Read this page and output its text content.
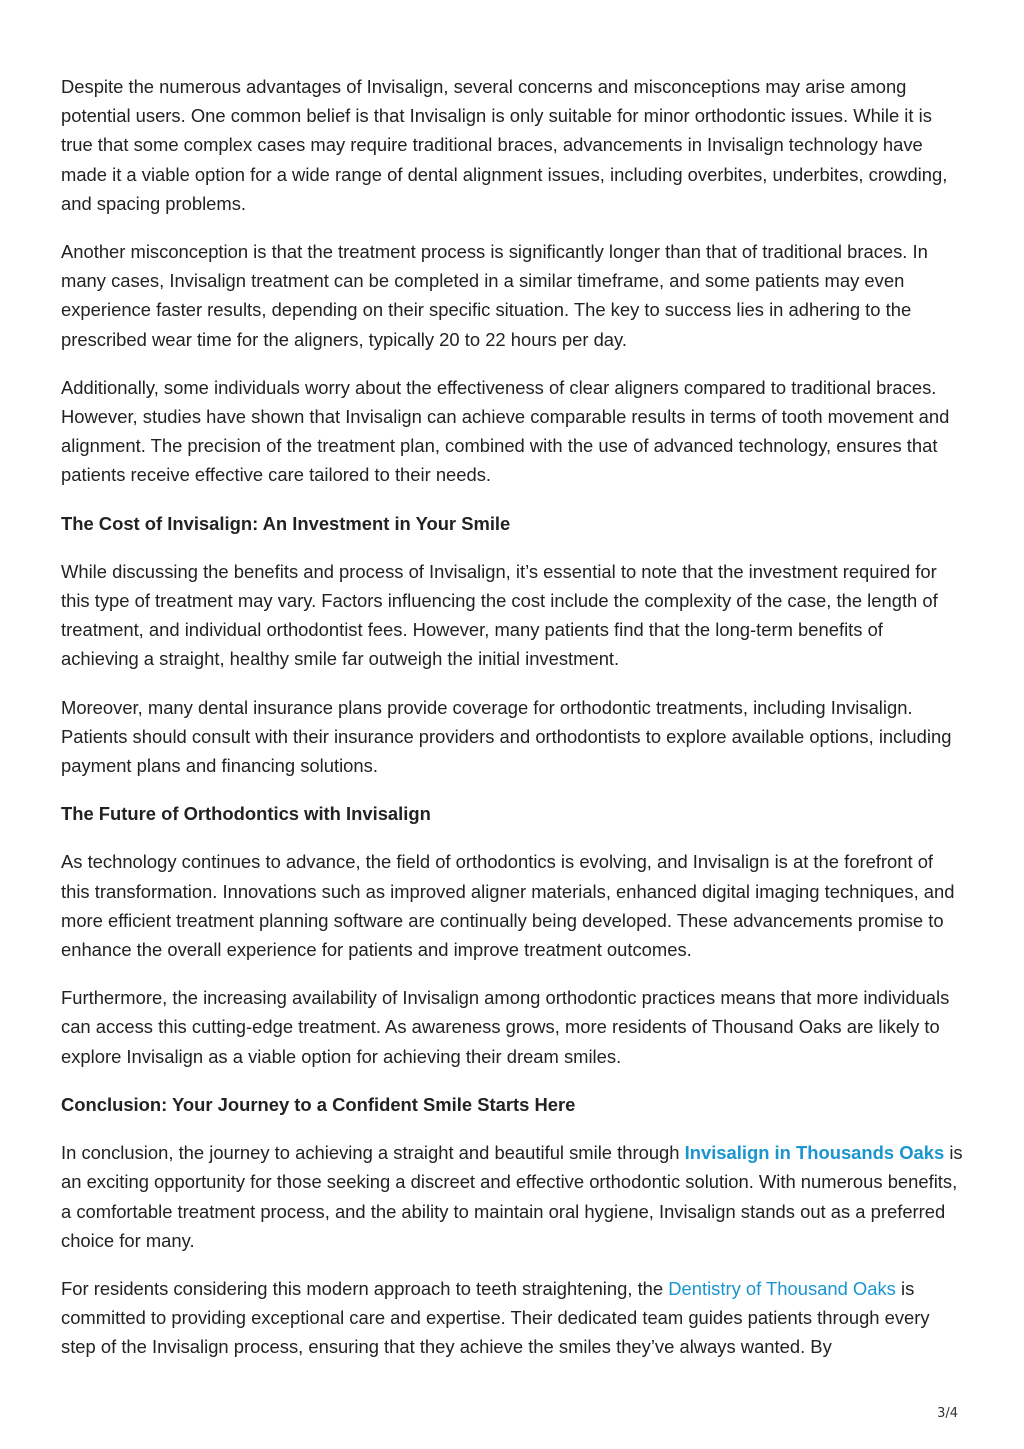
Despite the numerous advantages of Invisalign, several concerns and misconceptions may arise among potential users. One common belief is that Invisalign is only suitable for minor orthodontic issues. While it is true that some complex cases may require traditional braces, advancements in Invisalign technology have made it a viable option for a wide range of dental alignment issues, including overbites, underbites, crowding, and spacing problems.

Another misconception is that the treatment process is significantly longer than that of traditional braces. In many cases, Invisalign treatment can be completed in a similar timeframe, and some patients may even experience faster results, depending on their specific situation. The key to success lies in adhering to the prescribed wear time for the aligners, typically 20 to 22 hours per day.

Additionally, some individuals worry about the effectiveness of clear aligners compared to traditional braces. However, studies have shown that Invisalign can achieve comparable results in terms of tooth movement and alignment. The precision of the treatment plan, combined with the use of advanced technology, ensures that patients receive effective care tailored to their needs.

The Cost of Invisalign: An Investment in Your Smile

While discussing the benefits and process of Invisalign, it’s essential to note that the investment required for this type of treatment may vary. Factors influencing the cost include the complexity of the case, the length of treatment, and individual orthodontist fees. However, many patients find that the long-term benefits of achieving a straight, healthy smile far outweigh the initial investment.

Moreover, many dental insurance plans provide coverage for orthodontic treatments, including Invisalign. Patients should consult with their insurance providers and orthodontists to explore available options, including payment plans and financing solutions.

The Future of Orthodontics with Invisalign

As technology continues to advance, the field of orthodontics is evolving, and Invisalign is at the forefront of this transformation. Innovations such as improved aligner materials, enhanced digital imaging techniques, and more efficient treatment planning software are continually being developed. These advancements promise to enhance the overall experience for patients and improve treatment outcomes.

Furthermore, the increasing availability of Invisalign among orthodontic practices means that more individuals can access this cutting-edge treatment. As awareness grows, more residents of Thousand Oaks are likely to explore Invisalign as a viable option for achieving their dream smiles.

Conclusion: Your Journey to a Confident Smile Starts Here

In conclusion, the journey to achieving a straight and beautiful smile through Invisalign in Thousands Oaks is an exciting opportunity for those seeking a discreet and effective orthodontic solution. With numerous benefits, a comfortable treatment process, and the ability to maintain oral hygiene, Invisalign stands out as a preferred choice for many.

For residents considering this modern approach to teeth straightening, the Dentistry of Thousand Oaks is committed to providing exceptional care and expertise. Their dedicated team guides patients through every step of the Invisalign process, ensuring that they achieve the smiles they’ve always wanted. By

3/4
